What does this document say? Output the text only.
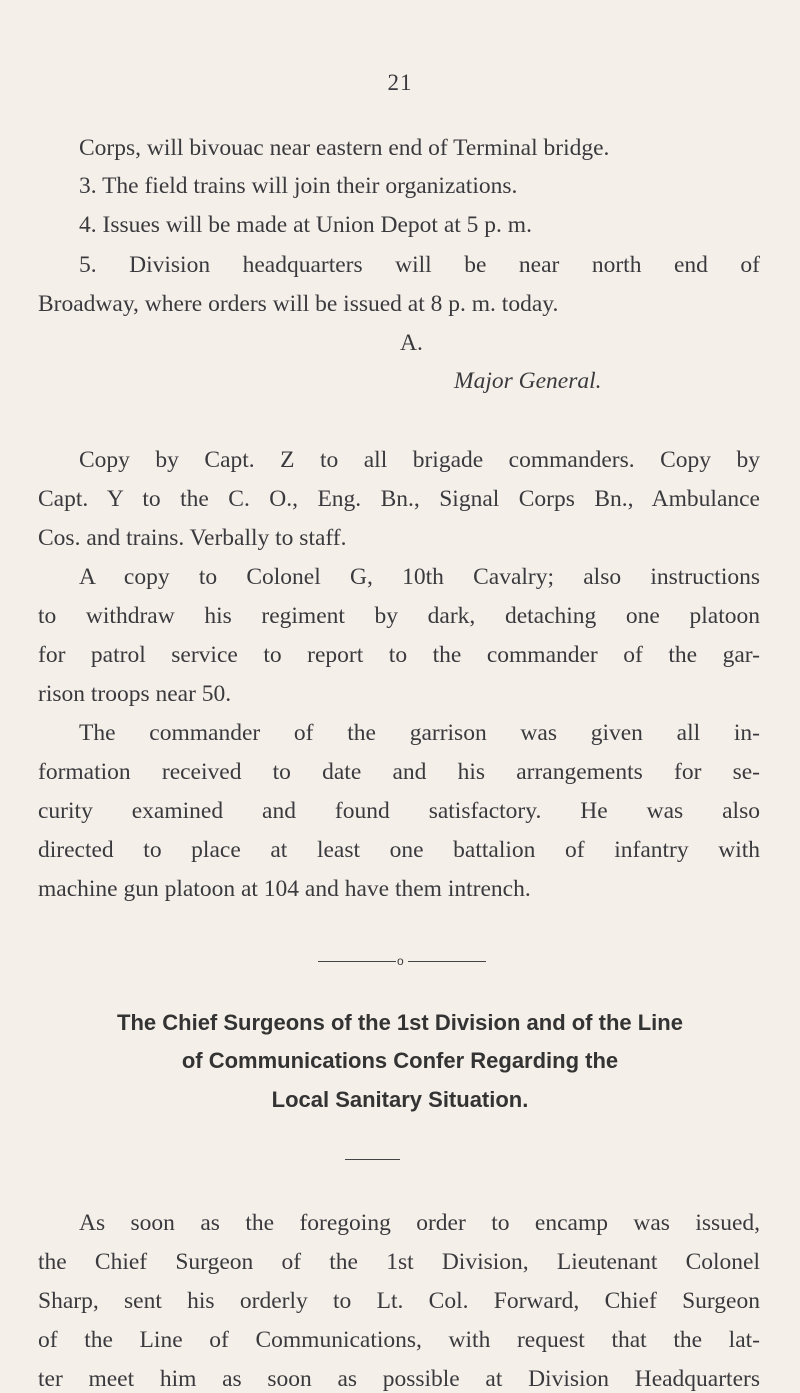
21
Corps, will bivouac near eastern end of Terminal bridge.
3. The field trains will join their organizations.
4. Issues will be made at Union Depot at 5 p. m.
5. Division headquarters will be near north end of
Broadway, where orders will be issued at 8 p. m. today.
A.
Major General.
Copy by Capt. Z to all brigade commanders. Copy by
Capt. Y to the C. O., Eng. Bn., Signal Corps Bn., Ambulance
Cos. and trains. Verbally to staff.
A copy to Colonel G, 10th Cavalry; also instructions
to withdraw his regiment by dark, detaching one platoon
for patrol service to report to the commander of the gar-
rison troops near 50.
The commander of the garrison was given all in-
formation received to date and his arrangements for se-
curity examined and found satisfactory. He was also
directed to place at least one battalion of infantry with
machine gun platoon at 104 and have them intrench.
o
The Chief Surgeons of the 1st Division and of the Line
of Communications Confer Regarding the
Local Sanitary Situation.
As soon as the foregoing order to encamp was issued,
the Chief Surgeon of the 1st Division, Lieutenant Colonel
Sharp, sent his orderly to Lt. Col. Forward, Chief Surgeon
of the Line of Communications, with request that the lat-
ter meet him as soon as possible at Division Headquarters
